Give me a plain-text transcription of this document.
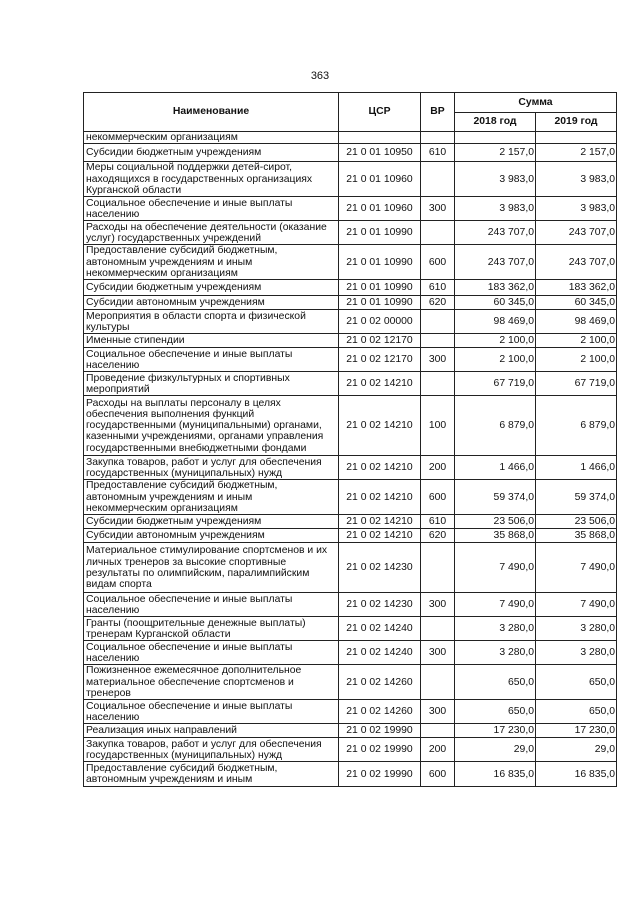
363
Наименование	ЦСР	ВР	Сумма	
			2018 год	2019 год
некоммерческим организациям				
Субсидии бюджетным учреждениям	21 0 01 10950	610	2 157,0	2 157,0
Меры социальной поддержки детей-сирот, находящихся в государственных организациях Курганской области	21 0 01 10960		3 983,0	3 983,0
Социальное обеспечение и иные выплаты населению	21 0 01 10960	300	3 983,0	3 983,0
Расходы на обеспечение деятельности (оказание услуг) государственных учреждений	21 0 01 10990		243 707,0	243 707,0
Предоставление субсидий бюджетным, автономным учреждениям и иным некоммерческим организациям	21 0 01 10990	600	243 707,0	243 707,0
Субсидии бюджетным учреждениям	21 0 01 10990	610	183 362,0	183 362,0
Субсидии автономным учреждениям	21 0 01 10990	620	60 345,0	60 345,0
Мероприятия в области спорта и физической культуры	21 0 02 00000		98 469,0	98 469,0
Именные стипендии	21 0 02 12170		2 100,0	2 100,0
Социальное обеспечение и иные выплаты населению	21 0 02 12170	300	2 100,0	2 100,0
Проведение физкультурных и спортивных мероприятий	21 0 02 14210		67 719,0	67 719,0
Расходы на выплаты персоналу в целях обеспечения выполнения функций государственными (муниципальными) органами, казенными учреждениями, органами управления государственными внебюджетными фондами	21 0 02 14210	100	6 879,0	6 879,0
Закупка товаров, работ и услуг для обеспечения государственных (муниципальных) нужд	21 0 02 14210	200	1 466,0	1 466,0
Предоставление субсидий бюджетным, автономным учреждениям и иным некоммерческим организациям	21 0 02 14210	600	59 374,0	59 374,0
Субсидии бюджетным учреждениям	21 0 02 14210	610	23 506,0	23 506,0
Субсидии автономным учреждениям	21 0 02 14210	620	35 868,0	35 868,0
Материальное стимулирование спортсменов и их личных тренеров за высокие спортивные результаты по олимпийским, паралимпийским видам спорта	21 0 02 14230		7 490,0	7 490,0
Социальное обеспечение и иные выплаты населению	21 0 02 14230	300	7 490,0	7 490,0
Гранты (поощрительные денежные выплаты) тренерам Курганской области	21 0 02 14240		3 280,0	3 280,0
Социальное обеспечение и иные выплаты населению	21 0 02 14240	300	3 280,0	3 280,0
Пожизненное ежемесячное дополнительное материальное обеспечение спортсменов и тренеров	21 0 02 14260		650,0	650,0
Социальное обеспечение и иные выплаты населению	21 0 02 14260	300	650,0	650,0
Реализация иных направлений	21 0 02 19990		17 230,0	17 230,0
Закупка товаров, работ и услуг для обеспечения государственных (муниципальных) нужд	21 0 02 19990	200	29,0	29,0
Предоставление субсидий бюджетным, автономным учреждениям и иным	21 0 02 19990	600	16 835,0	16 835,0
